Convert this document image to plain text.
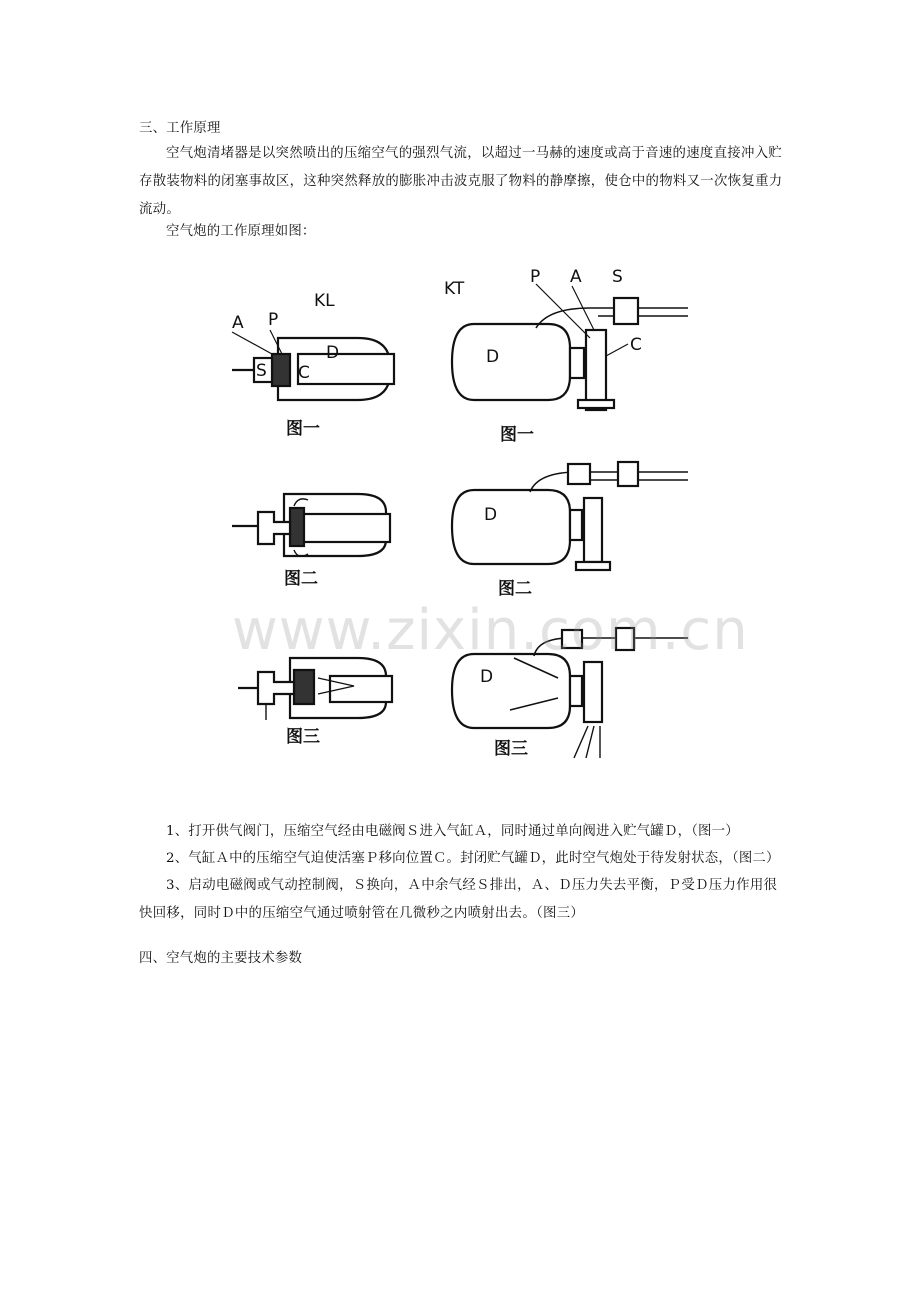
三、工作原理
空气炮清堵器是以突然喷出的压缩空气的强烈气流，以超过一马赫的速度或高于音速的速度直接冲入贮存散装物料的闭塞事故区，这种突然释放的膨胀冲击波克服了物料的静摩擦，使仓中的物料又一次恢复重力流动。
空气炮的工作原理如图：
KL
A P
S C
D
图一
图二
图三
KT
P A S
D
C
图一
D
图二
D
图三
www.zixin.com.cn
1、打开供气阀门，压缩空气经由电磁阀Ｓ进入气缸Ａ，同时通过单向阀进入贮气罐Ｄ，（图一）
2、气缸Ａ中的压缩空气迫使活塞Ｐ移向位置Ｃ。封闭贮气罐Ｄ，此时空气炮处于待发射状态，（图二）
3、启动电磁阀或气动控制阀，Ｓ换向，Ａ中余气经Ｓ排出，Ａ、Ｄ压力失去平衡，Ｐ受Ｄ压力作用很快回移，同时Ｄ中的压缩空气通过喷射管在几微秒之内喷射出去。（图三）
四、空气炮的主要技术参数
